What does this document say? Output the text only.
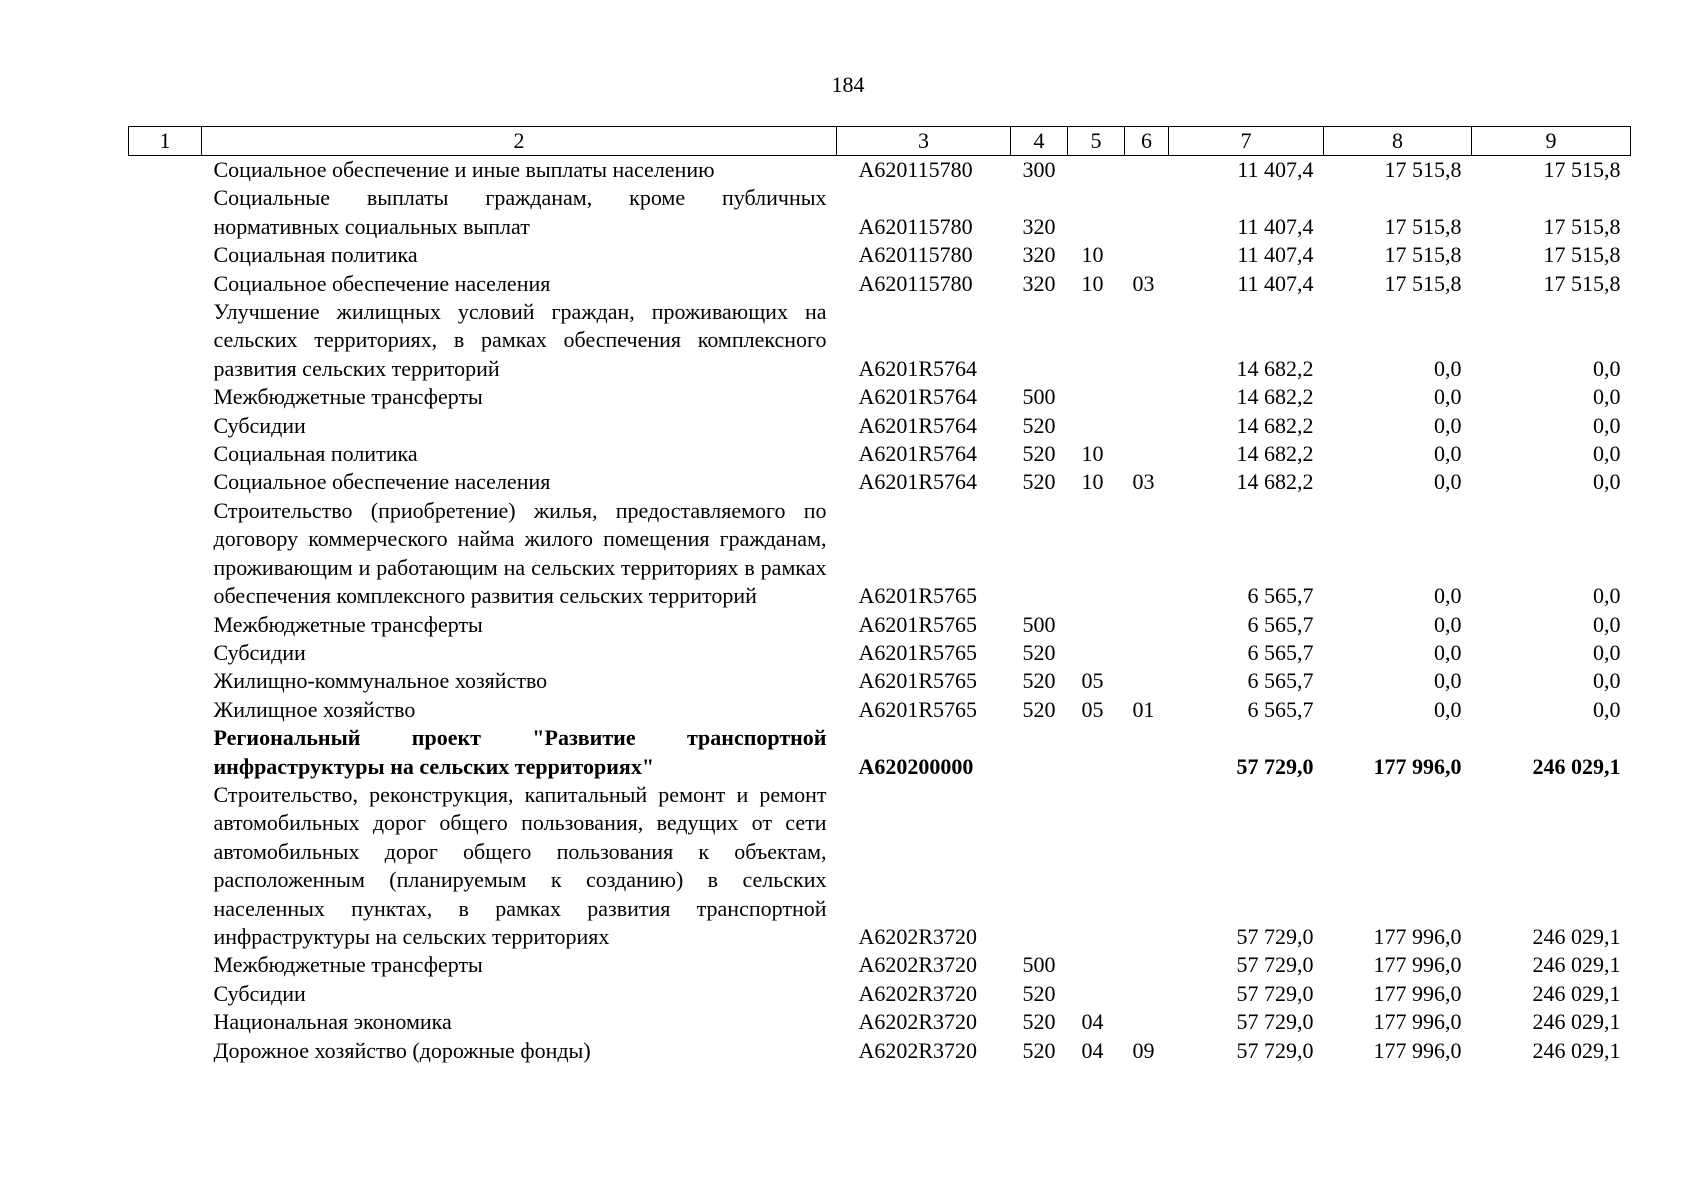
184
1	2	3	4	5	6	7	8	9
	Социальное обеспечение и иные выплаты населению	А620115780	300			11 407,4	17 515,8	17 515,8
	Социальные выплаты гражданам, кроме публичных нормативных социальных выплат	А620115780	320			11 407,4	17 515,8	17 515,8
	Социальная политика	А620115780	320	10		11 407,4	17 515,8	17 515,8
	Социальное обеспечение населения	А620115780	320	10	03	11 407,4	17 515,8	17 515,8
	Улучшение жилищных условий граждан, проживающих на сельских территориях, в рамках обеспечения комплексного развития сельских территорий	А6201R5764				14 682,2	0,0	0,0
	Межбюджетные трансферты	А6201R5764	500			14 682,2	0,0	0,0
	Субсидии	А6201R5764	520			14 682,2	0,0	0,0
	Социальная политика	А6201R5764	520	10		14 682,2	0,0	0,0
	Социальное обеспечение населения	А6201R5764	520	10	03	14 682,2	0,0	0,0
	Строительство (приобретение) жилья, предоставляемого по договору коммерческого найма жилого помещения гражданам, проживающим и работающим на сельских территориях в рамках обеспечения комплексного развития сельских территорий	А6201R5765				6 565,7	0,0	0,0
	Межбюджетные трансферты	А6201R5765	500			6 565,7	0,0	0,0
	Субсидии	А6201R5765	520			6 565,7	0,0	0,0
	Жилищно-коммунальное хозяйство	А6201R5765	520	05		6 565,7	0,0	0,0
	Жилищное хозяйство	А6201R5765	520	05	01	6 565,7	0,0	0,0
	Региональный проект "Развитие транспортной инфраструктуры на сельских территориях"	А620200000				57 729,0	177 996,0	246 029,1
	Строительство, реконструкция, капитальный ремонт и ремонт автомобильных дорог общего пользования, ведущих от сети автомобильных дорог общего пользования к объектам, расположенным (планируемым к созданию) в сельских населенных пунктах, в рамках развития транспортной инфраструктуры на сельских территориях	А6202R3720				57 729,0	177 996,0	246 029,1
	Межбюджетные трансферты	А6202R3720	500			57 729,0	177 996,0	246 029,1
	Субсидии	А6202R3720	520			57 729,0	177 996,0	246 029,1
	Национальная экономика	А6202R3720	520	04		57 729,0	177 996,0	246 029,1
	Дорожное хозяйство (дорожные фонды)	А6202R3720	520	04	09	57 729,0	177 996,0	246 029,1
